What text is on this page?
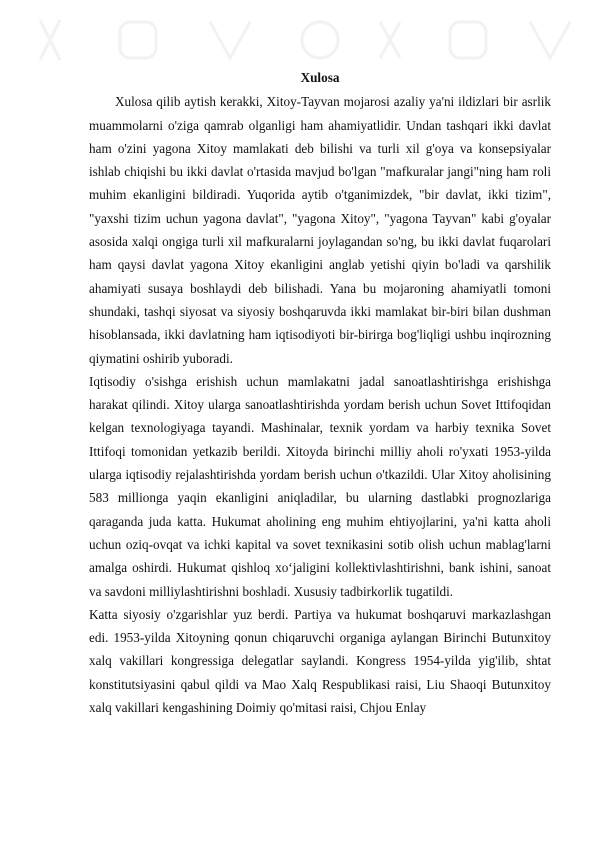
Xulosa

Xulosa qilib aytish kerakki, Xitoy-Tayvan mojarosi azaliy ya'ni ildizlari bir asrlik muammolarni o'ziga qamrab olganligi ham ahamiyatlidir. Undan tashqari ikki davlat ham o'zini yagona Xitoy mamlakati deb bilishi va turli xil g'oya va konsepsiyalar ishlab chiqishi bu ikki davlat o'rtasida mavjud bo'lgan "mafkuralar jangi"ning ham roli muhim ekanligini bildiradi. Yuqorida aytib o'tganimizdek, "bir davlat, ikki tizim", "yaxshi tizim uchun yagona davlat", "yagona Xitoy", "yagona Tayvan" kabi g'oyalar asosida xalqi ongiga turli xil mafkuralarni joylagandan so'ng, bu ikki davlat fuqarolari ham qaysi davlat yagona Xitoy ekanligini anglab yetishi qiyin bo'ladi va qarshilik ahamiyati susaya boshlaydi deb bilishadi. Yana bu mojaroning ahamiyatli tomoni shundaki, tashqi siyosat va siyosiy boshqaruvda ikki mamlakat bir-biri bilan dushman hisoblansada, ikki davlatning ham iqtisodiyoti bir-birirga bog'liqligi ushbu inqirozning qiymatini oshirib yuboradi.

Iqtisodiy o'sishga erishish uchun mamlakatni jadal sanoatlashtirishga erishishga harakat qilindi. Xitoy ularga sanoatlashtirishda yordam berish uchun Sovet Ittifoqidan kelgan texnologiyaga tayandi. Mashinalar, texnik yordam va harbiy texnika Sovet Ittifoqi tomonidan yetkazib berildi. Xitoyda birinchi milliy aholi ro'yxati 1953-yilda ularga iqtisodiy rejalashtirishda yordam berish uchun o'tkazildi. Ular Xitoy aholisining 583 millionga yaqin ekanligini aniqladilar, bu ularning dastlabki prognozlariga qaraganda juda katta. Hukumat aholining eng muhim ehtiyojlarini, ya'ni katta aholi uchun oziq-ovqat va ichki kapital va sovet texnikasini sotib olish uchun mablag'larni amalga oshirdi. Hukumat qishloq xoʻjaligini kollektivlashtirishni, bank ishini, sanoat va savdoni milliylashtirishni boshladi. Xususiy tadbirkorlik tugatildi.

Katta siyosiy o'zgarishlar yuz berdi. Partiya va hukumat boshqaruvi markazlashgan edi. 1953-yilda Xitoyning qonun chiqaruvchi organiga aylangan Birinchi Butunxitoy xalq vakillari kongressiga delegatlar saylandi. Kongress 1954-yilda yig'ilib, shtat konstitutsiyasini qabul qildi va Mao Xalq Respublikasi raisi, Liu Shaoqi Butunxitoy xalq vakillari kengashining Doimiy qo'mitasi raisi, Chjou Enlay
